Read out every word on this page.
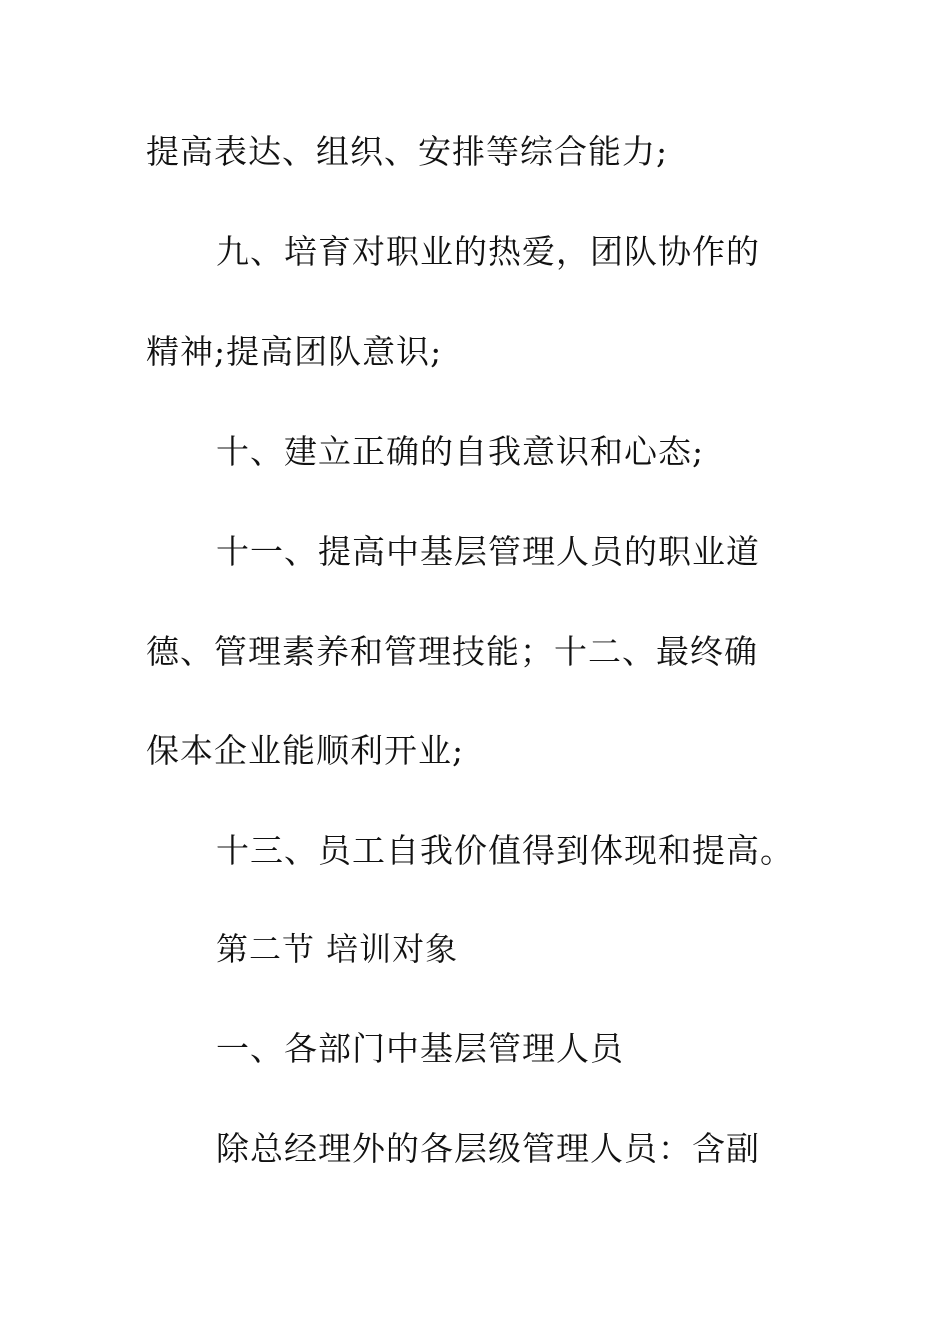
提高表达、组织、安排等综合能力;
九、培育对职业的热爱，团队协作的
精神;提高团队意识;
十、建立正确的自我意识和心态;
十一、提高中基层管理人员的职业道
德、管理素养和管理技能；十二、最终确
保本企业能顺利开业;
十三、员工自我价值得到体现和提高。
第二节 培训对象
一、各部门中基层管理人员
除总经理外的各层级管理人员：含副
